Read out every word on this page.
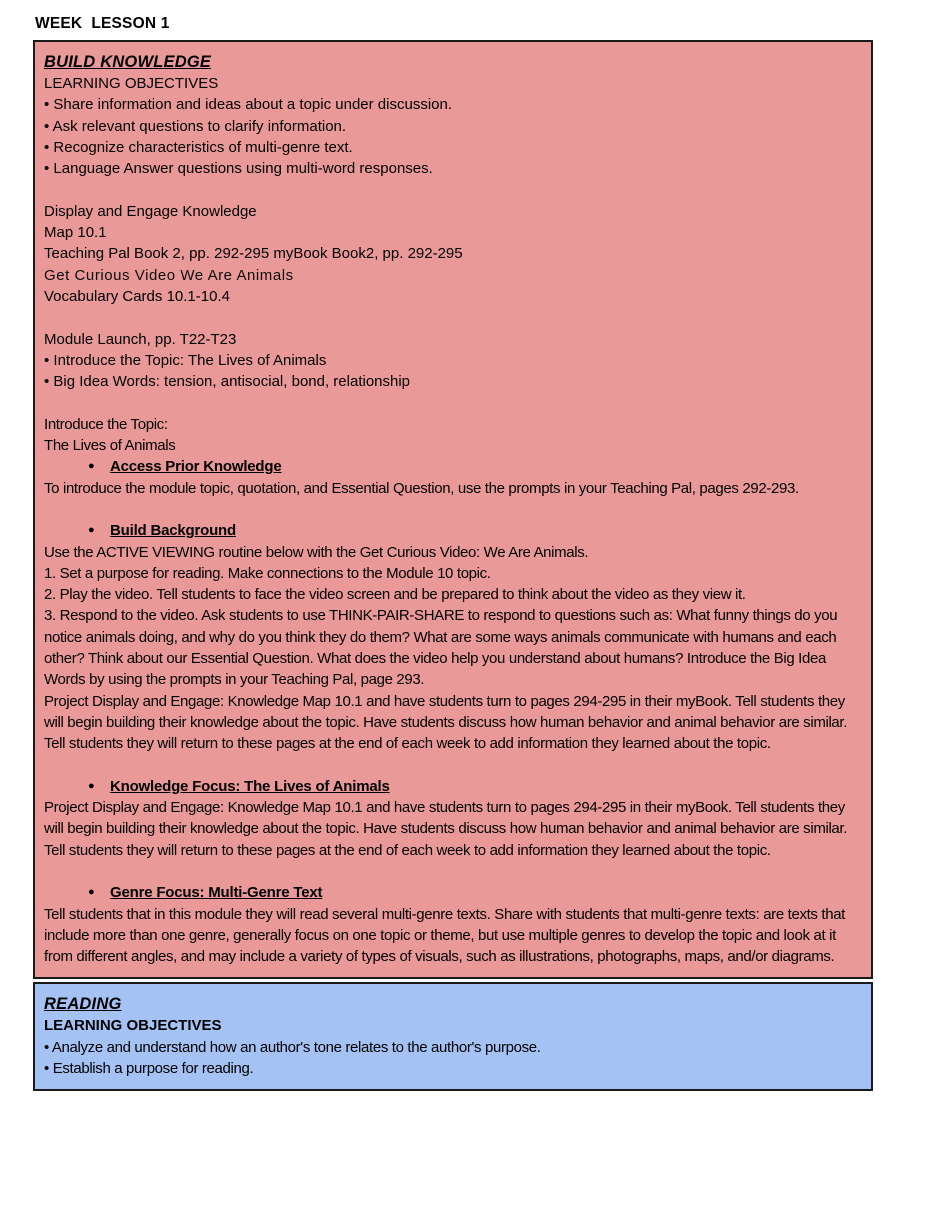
WEEK  LESSON 1
BUILD KNOWLEDGE
LEARNING OBJECTIVES
• Share information and ideas about a topic under discussion.
• Ask relevant questions to clarify information.
• Recognize characteristics of multi-genre text.
• Language Answer questions using multi-word responses.
Display and Engage Knowledge
Map 10.1
Teaching Pal Book 2, pp. 292-295 myBook Book2, pp. 292-295
Get Curious Video We Are Animals
Vocabulary Cards 10.1-10.4
Module Launch, pp. T22-T23
• Introduce the Topic: The Lives of Animals
• Big Idea Words: tension, antisocial, bond, relationship
Introduce the Topic:
The Lives of Animals
● Access Prior Knowledge
To introduce the module topic, quotation, and Essential Question, use the prompts in your Teaching Pal, pages 292-293.
● Build Background
Use the ACTIVE VIEWING routine below with the Get Curious Video: We Are Animals.
1. Set a purpose for reading. Make connections to the Module 10 topic.
2. Play the video. Tell students to face the video screen and be prepared to think about the video as they view it.
3. Respond to the video. Ask students to use THINK-PAIR-SHARE to respond to questions such as: What funny things do you notice animals doing, and why do you think they do them? What are some ways animals communicate with humans and each other? Think about our Essential Question. What does the video help you understand about humans? Introduce the Big Idea Words by using the prompts in your Teaching Pal, page 293.
Project Display and Engage: Knowledge Map 10.1 and have students turn to pages 294-295 in their myBook. Tell students they will begin building their knowledge about the topic. Have students discuss how human behavior and animal behavior are similar. Tell students they will return to these pages at the end of each week to add information they learned about the topic.
● Knowledge Focus: The Lives of Animals
Project Display and Engage: Knowledge Map 10.1 and have students turn to pages 294-295 in their myBook. Tell students they will begin building their knowledge about the topic. Have students discuss how human behavior and animal behavior are similar. Tell students they will return to these pages at the end of each week to add information they learned about the topic.
● Genre Focus: Multi-Genre Text
Tell students that in this module they will read several multi-genre texts. Share with students that multi-genre texts: are texts that include more than one genre, generally focus on one topic or theme, but use multiple genres to develop the topic and look at it from different angles, and may include a variety of types of visuals, such as illustrations, photographs, maps, and/or diagrams.
READING
LEARNING OBJECTIVES
• Analyze and understand how an author's tone relates to the author's purpose.
• Establish a purpose for reading.
